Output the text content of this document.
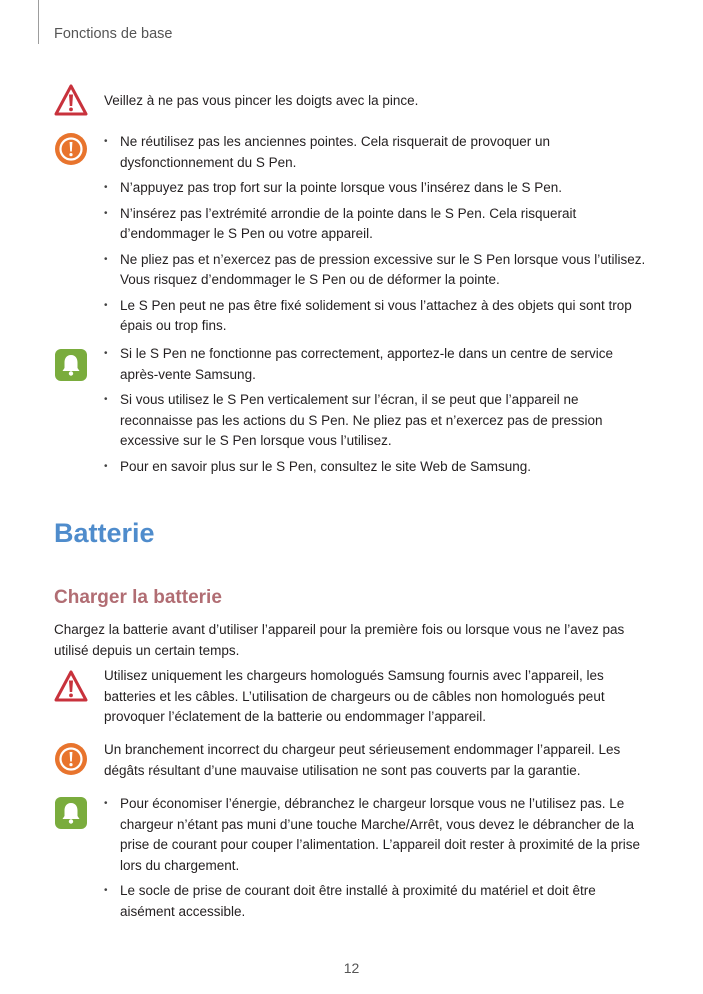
Fonctions de base

Veillez à ne pas vous pincer les doigts avec la pince.

• Ne réutilisez pas les anciennes pointes. Cela risquerait de provoquer un dysfonctionnement du S Pen.
• N’appuyez pas trop fort sur la pointe lorsque vous l’insérez dans le S Pen.
• N’insérez pas l’extrémité arrondie de la pointe dans le S Pen. Cela risquerait d’endommager le S Pen ou votre appareil.
• Ne pliez pas et n’exercez pas de pression excessive sur le S Pen lorsque vous l’utilisez. Vous risquez d’endommager le S Pen ou de déformer la pointe.
• Le S Pen peut ne pas être fixé solidement si vous l’attachez à des objets qui sont trop épais ou trop fins.
• Si le S Pen ne fonctionne pas correctement, apportez-le dans un centre de service après-vente Samsung.
• Si vous utilisez le S Pen verticalement sur l’écran, il se peut que l’appareil ne reconnaisse pas les actions du S Pen. Ne pliez pas et n’exercez pas de pression excessive sur le S Pen lorsque vous l’utilisez.
• Pour en savoir plus sur le S Pen, consultez le site Web de Samsung.
Batterie
Charger la batterie
Chargez la batterie avant d’utiliser l’appareil pour la première fois ou lorsque vous ne l’avez pas utilisé depuis un certain temps.

Utilisez uniquement les chargeurs homologués Samsung fournis avec l’appareil, les batteries et les câbles. L’utilisation de chargeurs ou de câbles non homologués peut provoquer l’éclatement de la batterie ou endommager l’appareil.

Un branchement incorrect du chargeur peut sérieusement endommager l’appareil. Les dégâts résultant d’une mauvaise utilisation ne sont pas couverts par la garantie.

• Pour économiser l’énergie, débranchez le chargeur lorsque vous ne l’utilisez pas. Le chargeur n’étant pas muni d’une touche Marche/Arrêt, vous devez le débrancher de la prise de courant pour couper l’alimentation. L’appareil doit rester à proximité de la prise lors du chargement.
• Le socle de prise de courant doit être installé à proximité du matériel et doit être aisément accessible.
12
